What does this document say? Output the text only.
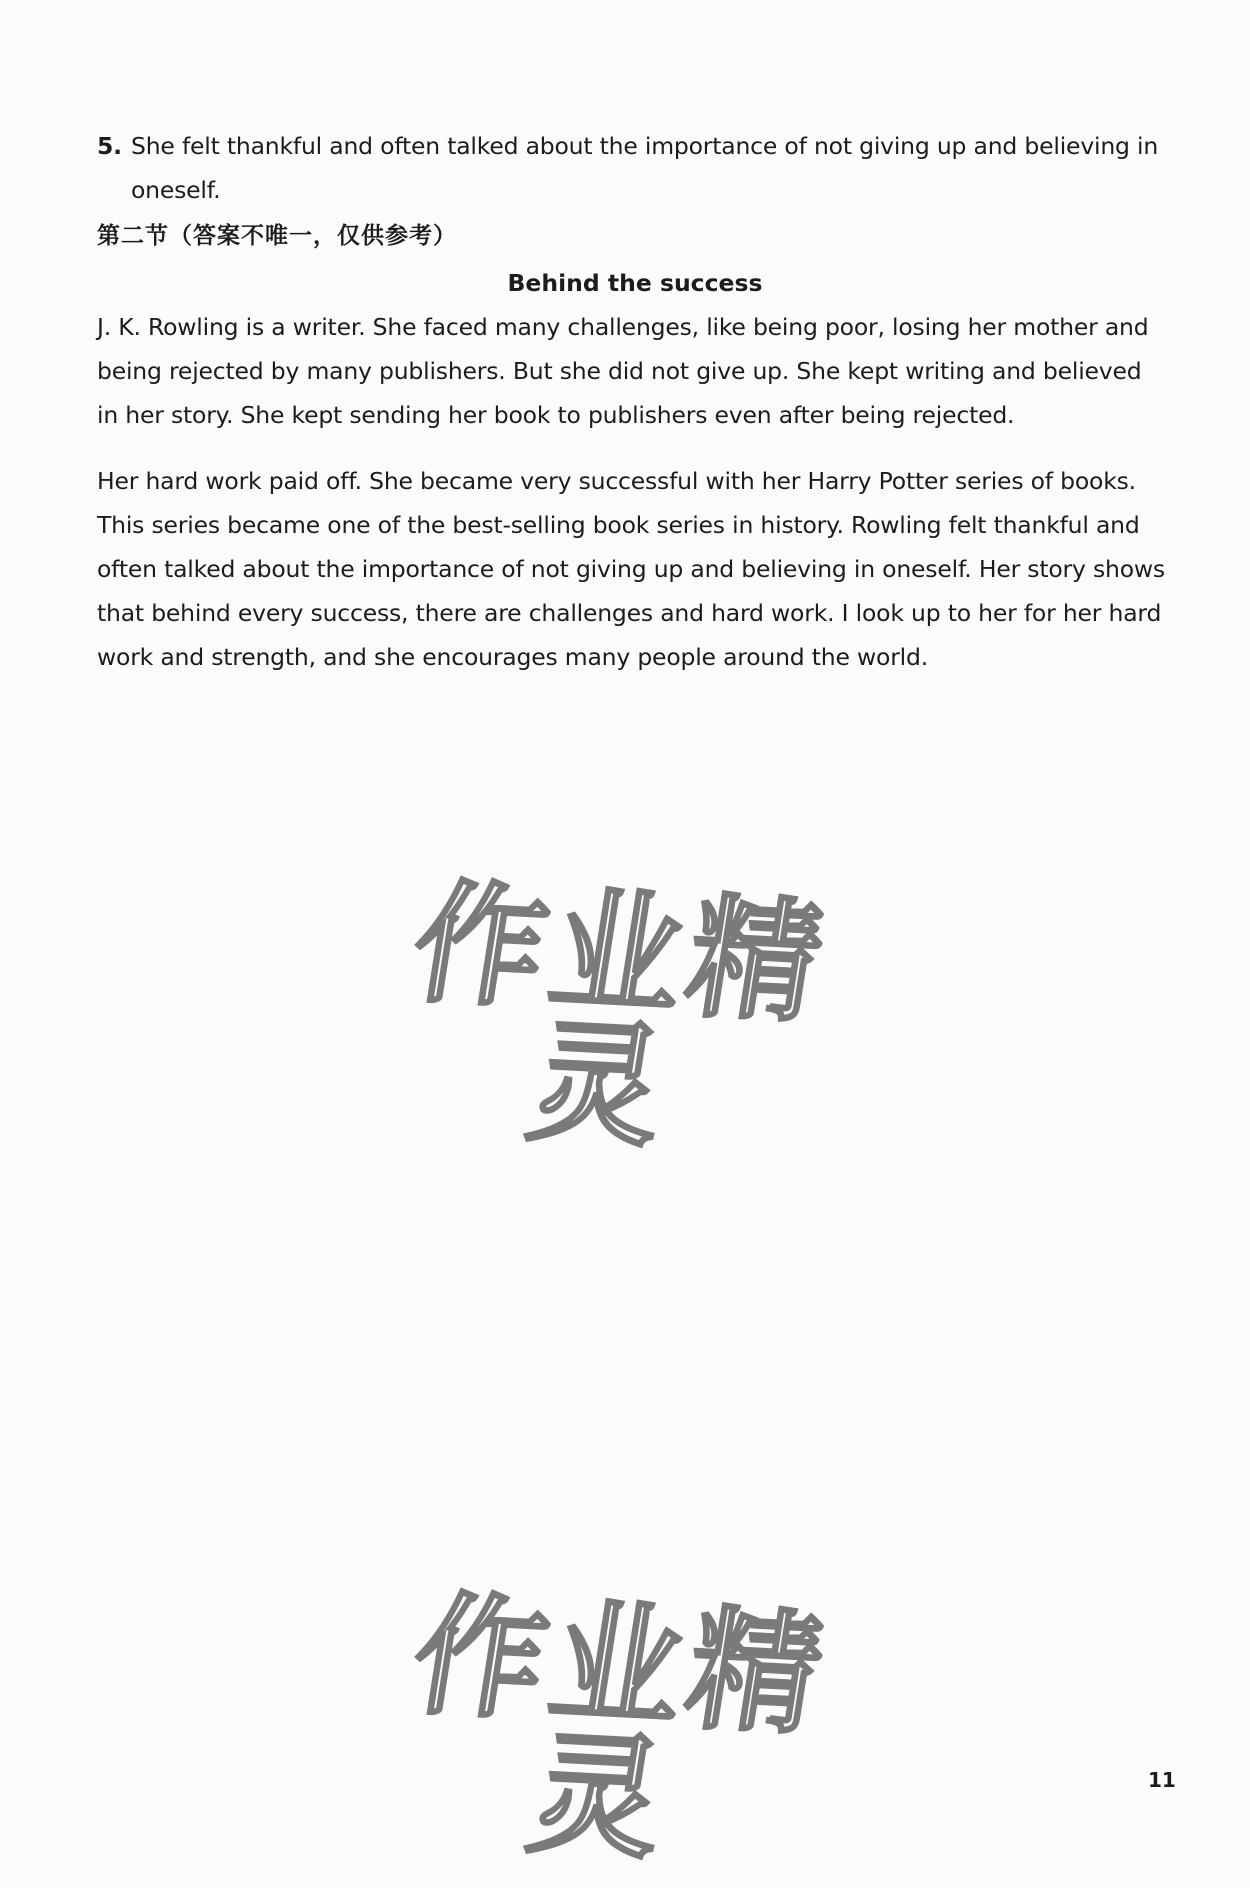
5. She felt thankful and often talked about the importance of not giving up and believing in oneself.
第二节（答案不唯一，仅供参考）
Behind the success

J. K. Rowling is a writer. She faced many challenges, like being poor, losing her mother and being rejected by many publishers. But she did not give up. She kept writing and believed in her story. She kept sending her book to publishers even after being rejected.

Her hard work paid off. She became very successful with her Harry Potter series of books. This series became one of the best-selling book series in history. Rowling felt thankful and often talked about the importance of not giving up and believing in oneself. Her story shows that behind every success, there are challenges and hard work. I look up to her for her hard work and strength, and she encourages many people around the world.

作业精灵
作业精灵	11
